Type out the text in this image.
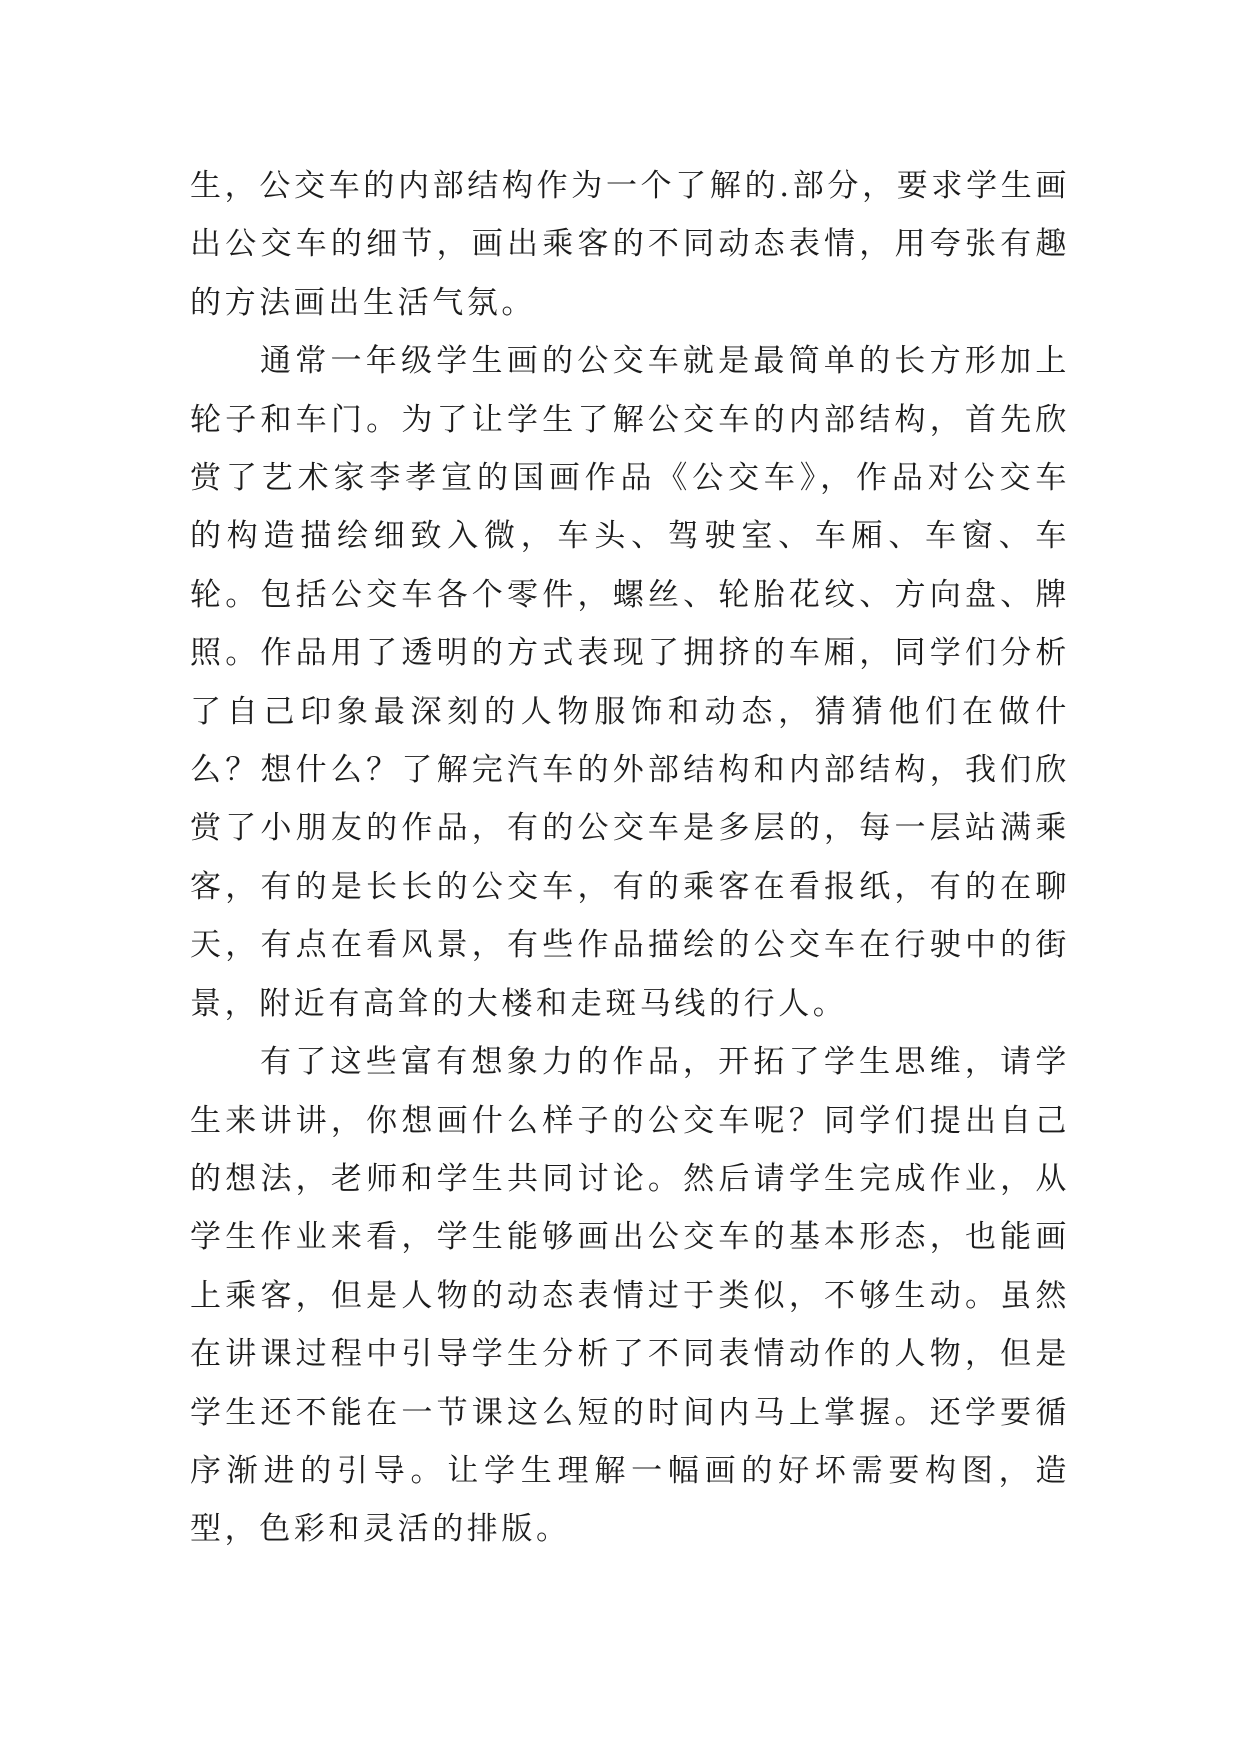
生，公交车的内部结构作为一个了解的.部分，要求学生画出公交车的细节，画出乘客的不同动态表情，用夸张有趣的方法画出生活气氛。

通常一年级学生画的公交车就是最简单的长方形加上轮子和车门。为了让学生了解公交车的内部结构，首先欣赏了艺术家李孝宣的国画作品《公交车》，作品对公交车的构造描绘细致入微，车头、驾驶室、车厢、车窗、车轮。包括公交车各个零件，螺丝、轮胎花纹、方向盘、牌照。作品用了透明的方式表现了拥挤的车厢，同学们分析了自己印象最深刻的人物服饰和动态，猜猜他们在做什么？想什么？了解完汽车的外部结构和内部结构，我们欣赏了小朋友的作品，有的公交车是多层的，每一层站满乘客，有的是长长的公交车，有的乘客在看报纸，有的在聊天，有点在看风景，有些作品描绘的公交车在行驶中的街景，附近有高耸的大楼和走斑马线的行人。

有了这些富有想象力的作品，开拓了学生思维，请学生来讲讲，你想画什么样子的公交车呢？同学们提出自己的想法，老师和学生共同讨论。然后请学生完成作业，从学生作业来看，学生能够画出公交车的基本形态，也能画上乘客，但是人物的动态表情过于类似，不够生动。虽然在讲课过程中引导学生分析了不同表情动作的人物，但是学生还不能在一节课这么短的时间内马上掌握。还学要循序渐进的引导。让学生理解一幅画的好坏需要构图，造型，色彩和灵活的排版。
